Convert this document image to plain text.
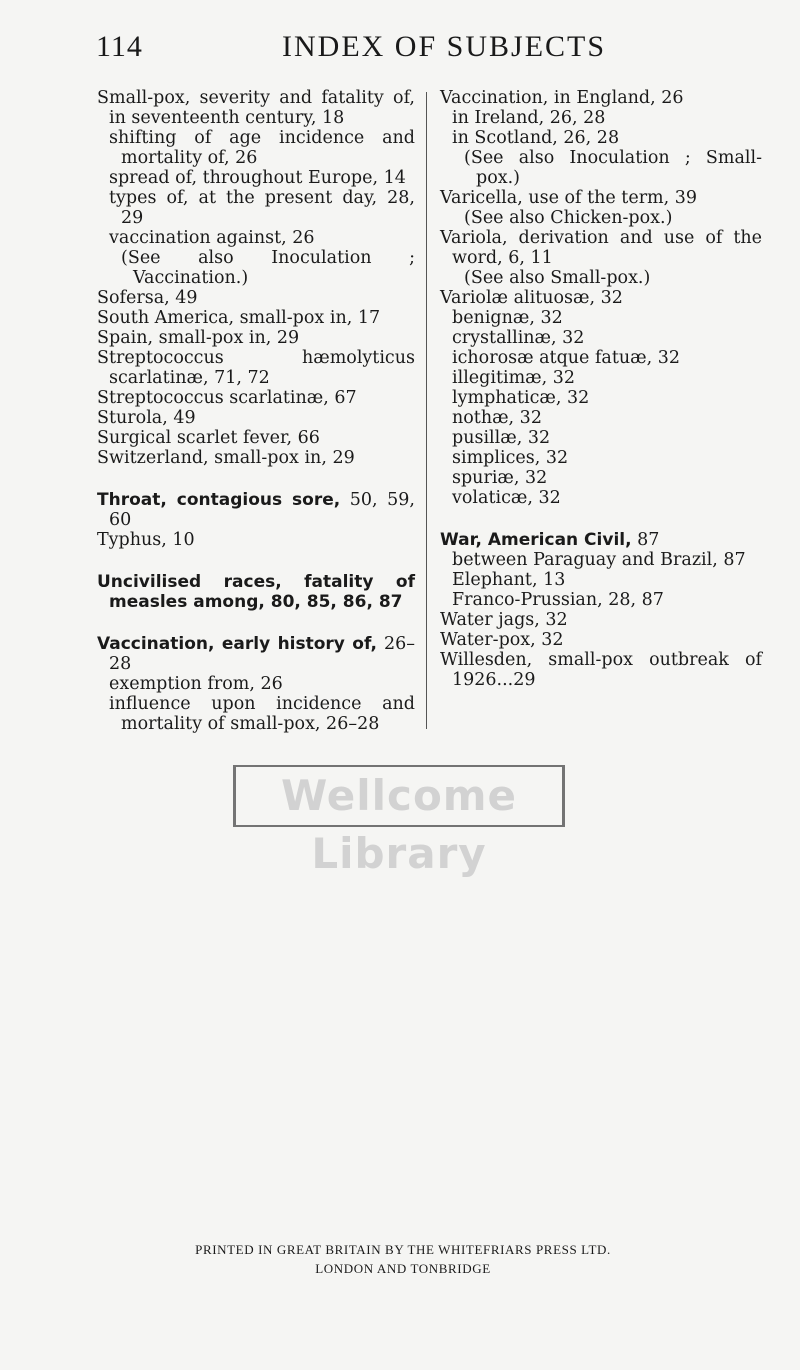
114	INDEX OF SUBJECTS
Small-pox, severity and fatality of, in seventeenth century, 18
shifting of age incidence and mortality of, 26
spread of, throughout Europe, 14
types of, at the present day, 28, 29
vaccination against, 26
(See also Inoculation ; Vaccination.)
Sofersa, 49
South America, small-pox in, 17
Spain, small-pox in, 29
Streptococcus hæmolyticus scarlatinæ, 71, 72
Streptococcus scarlatinæ, 67
Sturola, 49
Surgical scarlet fever, 66
Switzerland, small-pox in, 29
Throat, contagious sore, 50, 59, 60
Typhus, 10
Uncivilised races, fatality of measles among, 80, 85, 86, 87
Vaccination, early history of, 26–28
exemption from, 26
influence upon incidence and mortality of small-pox, 26–28
Vaccination, in England, 26
in Ireland, 26, 28
in Scotland, 26, 28
(See also Inoculation ; Small-pox.)
Varicella, use of the term, 39
(See also Chicken-pox.)
Variola, derivation and use of the word, 6, 11
(See also Small-pox.)
Variolæ alituosæ, 32
benignæ, 32
crystallinæ, 32
ichorosæ atque fatuæ, 32
illegitimæ, 32
lymphaticæ, 32
nothæ, 32
pusillæ, 32
simplices, 32
spuriæ, 32
volaticæ, 32
War, American Civil, 87
between Paraguay and Brazil, 87
Elephant, 13
Franco-Prussian, 28, 87
Water jags, 32
Water-pox, 32
Willesden, small-pox outbreak of 1926...29
Wellcome Library
PRINTED IN GREAT BRITAIN BY THE WHITEFRIARS PRESS LTD.
LONDON AND TONBRIDGE
